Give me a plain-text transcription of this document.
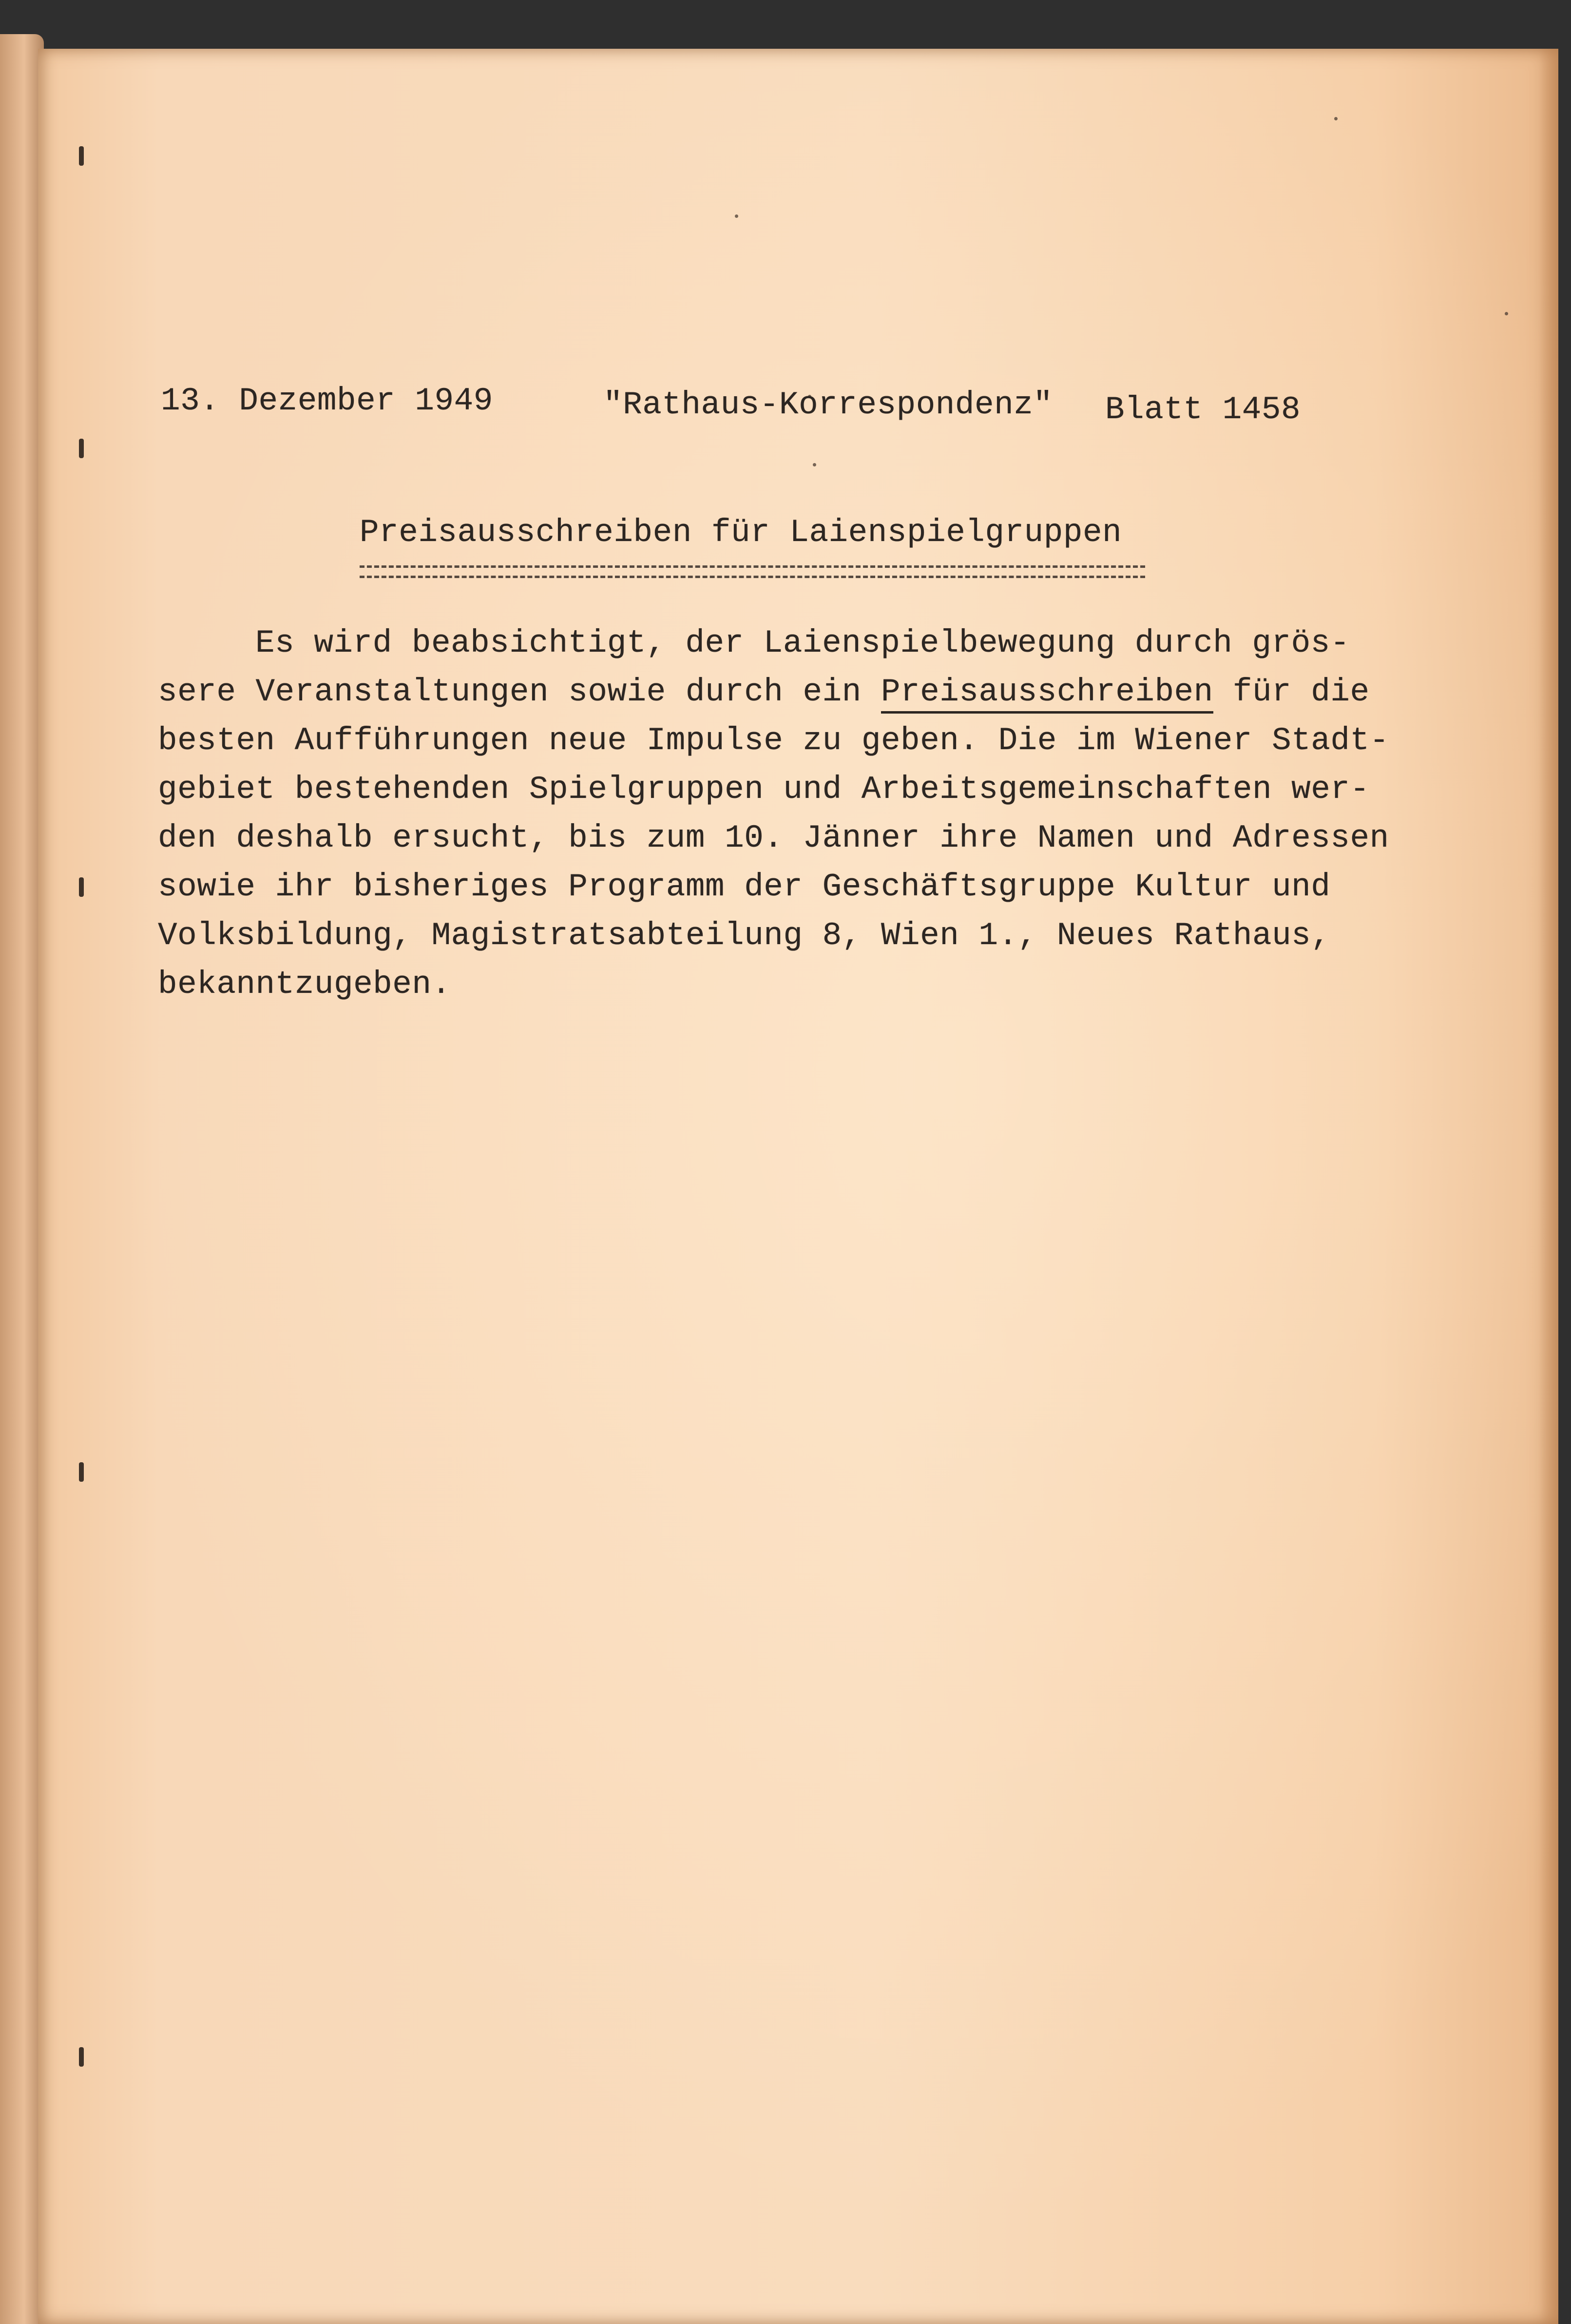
13. Dezember 1949	"Rathaus-Korrespondenz" Blatt 1458
Preisausschreiben für Laienspielgruppen
Es wird beabsichtigt, der Laienspielbewegung durch grös-
sere Veranstaltungen sowie durch ein Preisausschreiben für die
besten Aufführungen neue Impulse zu geben. Die im Wiener Stadt-
gebiet bestehenden Spielgruppen und Arbeitsgemeinschaften wer-
den deshalb ersucht, bis zum 10. Jänner ihre Namen und Adressen
sowie ihr bisheriges Programm der Geschäftsgruppe Kultur und
Volksbildung, Magistratsabteilung 8, Wien 1., Neues Rathaus,
bekanntzugeben.
